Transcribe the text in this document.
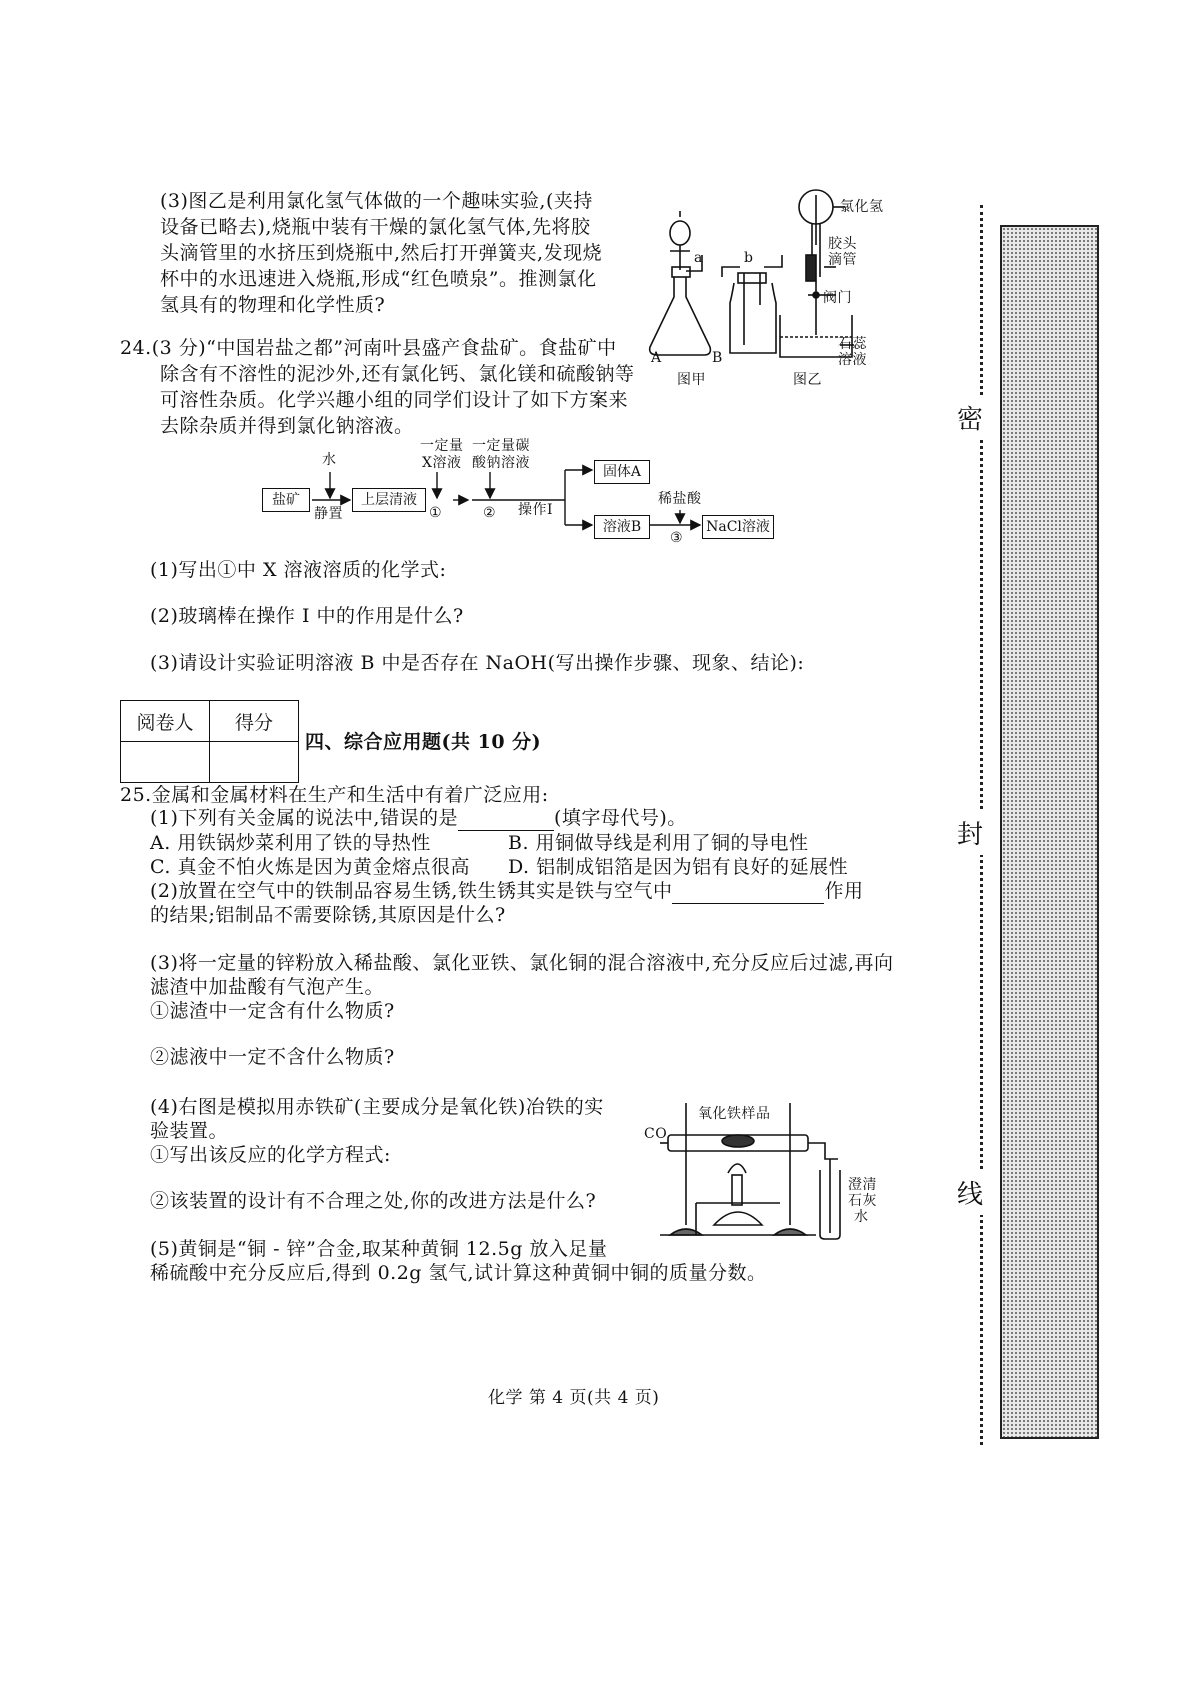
(3)图乙是利用氯化氢气体做的一个趣味实验,(夹持
设备已略去),烧瓶中装有干燥的氯化氢气体,先将胶
头滴管里的水挤压到烧瓶中,然后打开弹簧夹,发现烧
杯中的水迅速进入烧瓶,形成“红色喷泉”。推测氯化
氢具有的物理和化学性质?
a	b
A	B
图甲	图乙
氯化氢
胶头
滴管
阀门
石蕊
溶液
24.(3 分)“中国岩盐之都”河南叶县盛产食盐矿。食盐矿中
除含有不溶性的泥沙外,还有氯化钙、氯化镁和硫酸钠等
可溶性杂质。化学兴趣小组的同学们设计了如下方案来
去除杂质并得到氯化钠溶液。
盐矿
水
静置
上层清液
一定量
X溶液
一定量碳
酸钠溶液
①	② 操作I
固体A
溶液B
稀盐酸
③
NaCl溶液
(1)写出①中 X 溶液溶质的化学式:
(2)玻璃棒在操作 I 中的作用是什么?
(3)请设计实验证明溶液 B 中是否存在 NaOH(写出操作步骤、现象、结论):
阅卷人	得分

四、综合应用题(共 10 分)
25.金属和金属材料在生产和生活中有着广泛应用:
(1)下列有关金属的说法中,错误的是	(填字母代号)。
A. 用铁锅炒菜利用了铁的导热性	B. 用铜做导线是利用了铜的导电性
C. 真金不怕火炼是因为黄金熔点很高 D. 铝制成铝箔是因为铝有良好的延展性
(2)放置在空气中的铁制品容易生锈,铁生锈其实是铁与空气中	作用
的结果;铝制品不需要除锈,其原因是什么?
(3)将一定量的锌粉放入稀盐酸、氯化亚铁、氯化铜的混合溶液中,充分反应后过滤,再向
滤渣中加盐酸有气泡产生。
①滤渣中一定含有什么物质?
②滤液中一定不含什么物质?
(4)右图是模拟用赤铁矿(主要成分是氧化铁)冶铁的实
验装置。
①写出该反应的化学方程式:
②该装置的设计有不合理之处,你的改进方法是什么?
(5)黄铜是“铜 - 锌”合金,取某种黄铜 12.5g 放入足量
稀硫酸中充分反应后,得到 0.2g 氢气,试计算这种黄铜中铜的质量分数。
CO
氧化铁样品
澄清
石灰
水
密
封
线
化学 第 4 页(共 4 页)
